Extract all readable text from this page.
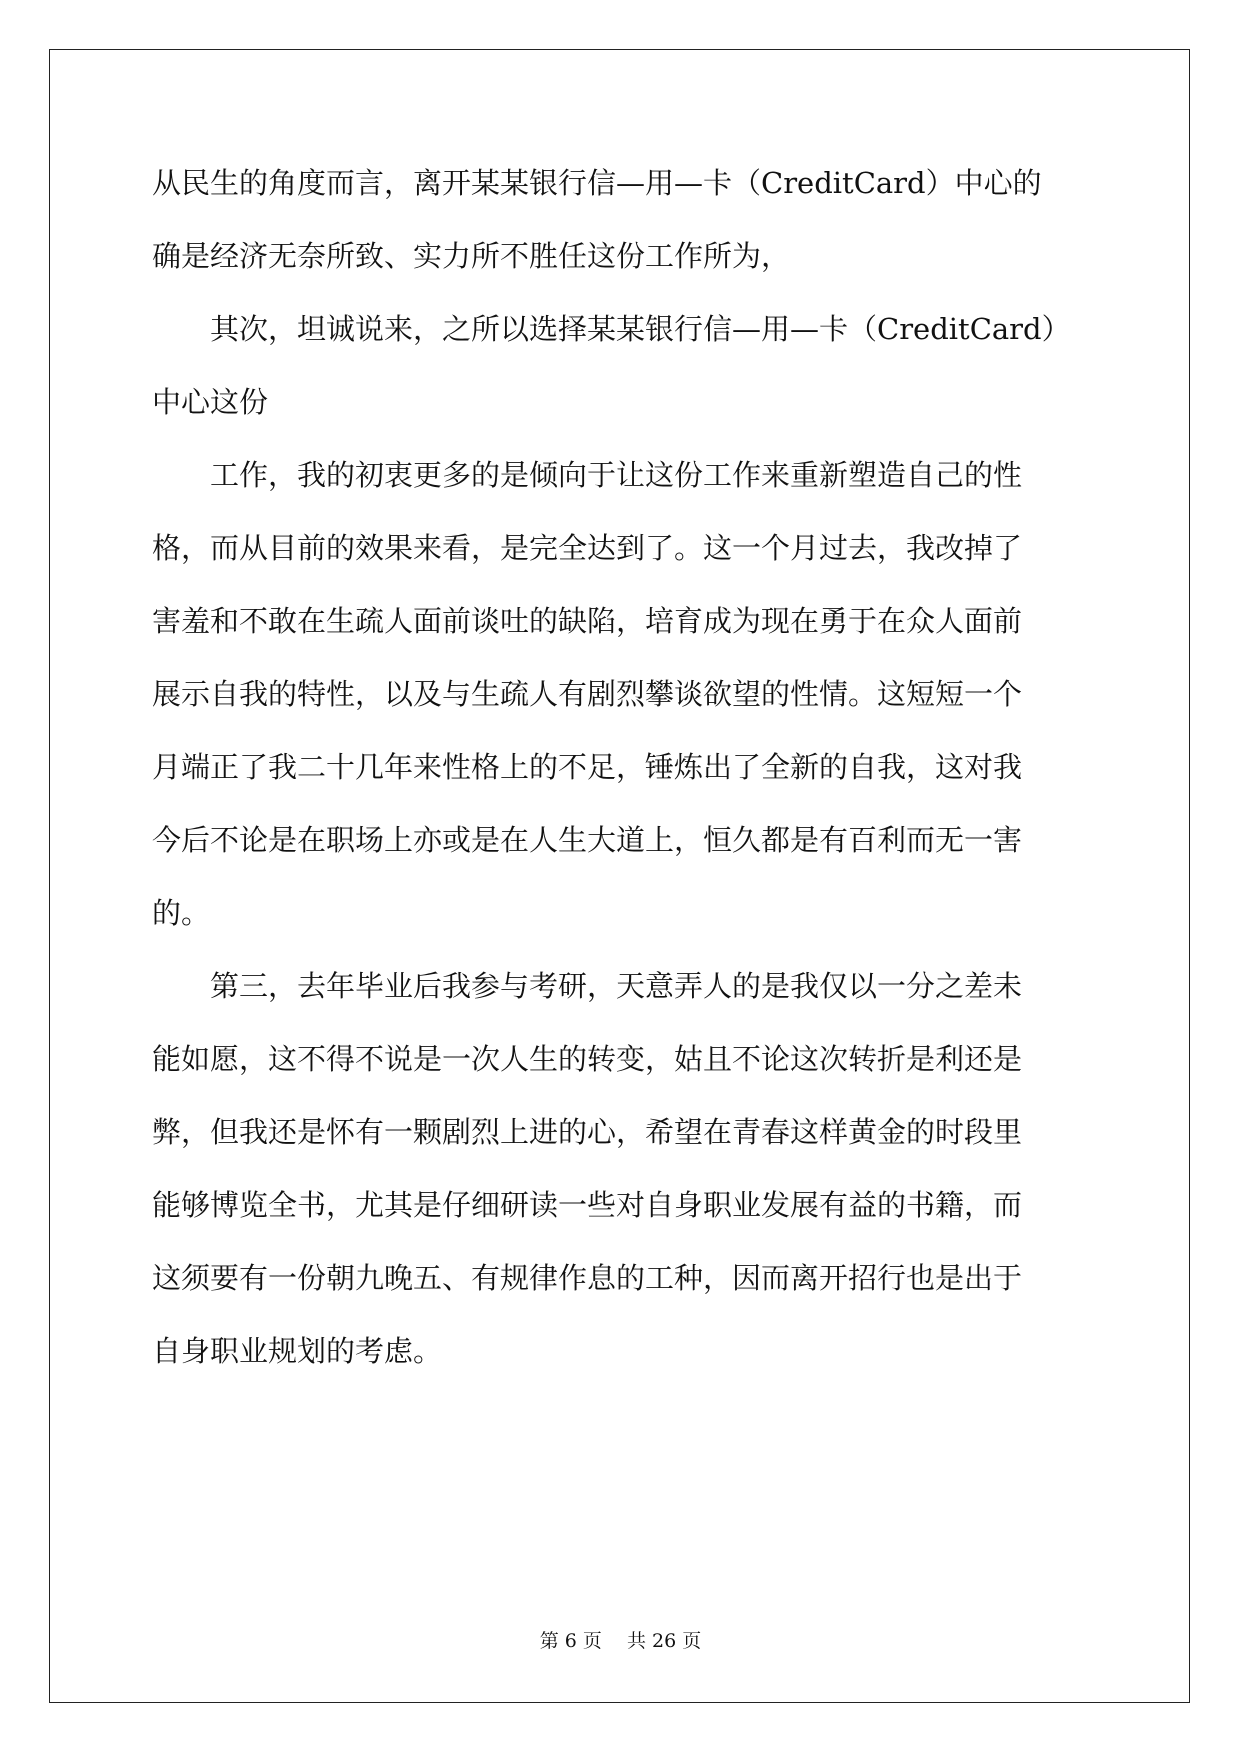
从民生的角度而言，离开某某银行信—用—卡（CreditCard）中心的
确是经济无奈所致、实力所不胜任这份工作所为，
　　其次，坦诚说来，之所以选择某某银行信—用—卡（CreditCard）
中心这份
　　工作，我的初衷更多的是倾向于让这份工作来重新塑造自己的性
格，而从目前的效果来看，是完全达到了。这一个月过去，我改掉了
害羞和不敢在生疏人面前谈吐的缺陷，培育成为现在勇于在众人面前
展示自我的特性，以及与生疏人有剧烈攀谈欲望的性情。这短短一个
月端正了我二十几年来性格上的不足，锤炼出了全新的自我，这对我
今后不论是在职场上亦或是在人生大道上，恒久都是有百利而无一害
的。
　　第三，去年毕业后我参与考研，天意弄人的是我仅以一分之差未
能如愿，这不得不说是一次人生的转变，姑且不论这次转折是利还是
弊，但我还是怀有一颗剧烈上进的心，希望在青春这样黄金的时段里
能够博览全书，尤其是仔细研读一些对自身职业发展有益的书籍，而
这须要有一份朝九晚五、有规律作息的工种，因而离开招行也是出于
自身职业规划的考虑。
第 6 页　 共 26 页
